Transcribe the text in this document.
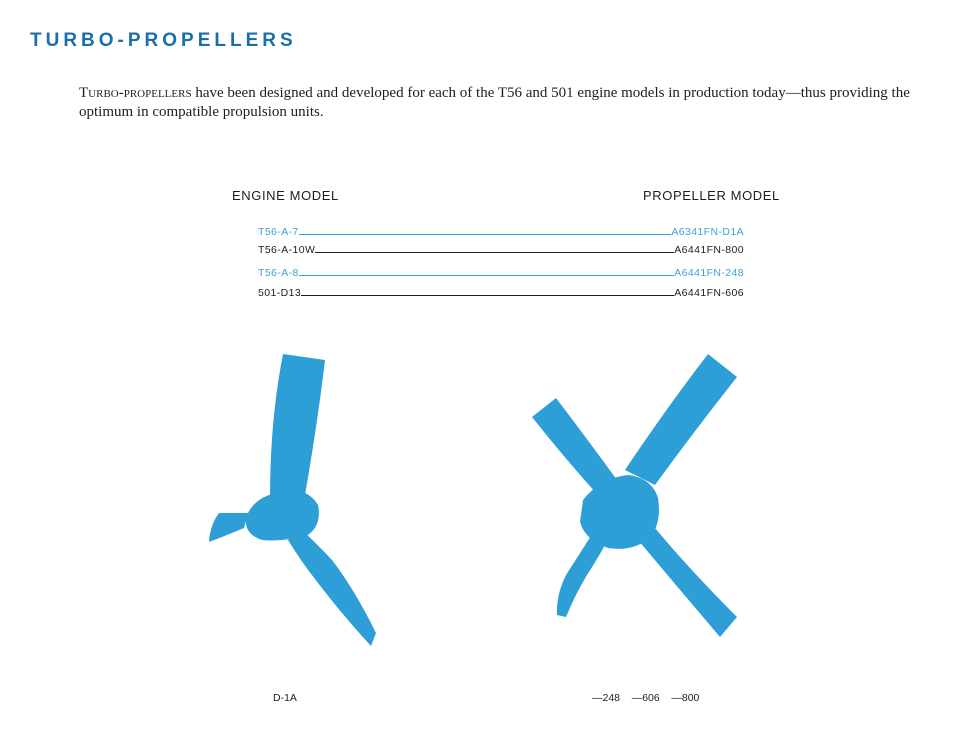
TURBO-PROPELLERS

Turbo-propellers have been designed and developed for each of the T56 and 501 engine models in production today—thus providing the optimum in compatible propulsion units.

ENGINE MODEL	PROPELLER MODEL
T56-A-7	A6341FN-D1A
T56-A-10W	A6441FN-800
T56-A-8	A6441FN-248
501-D13	A6441FN-606
D-1A	—248    —606    —800
